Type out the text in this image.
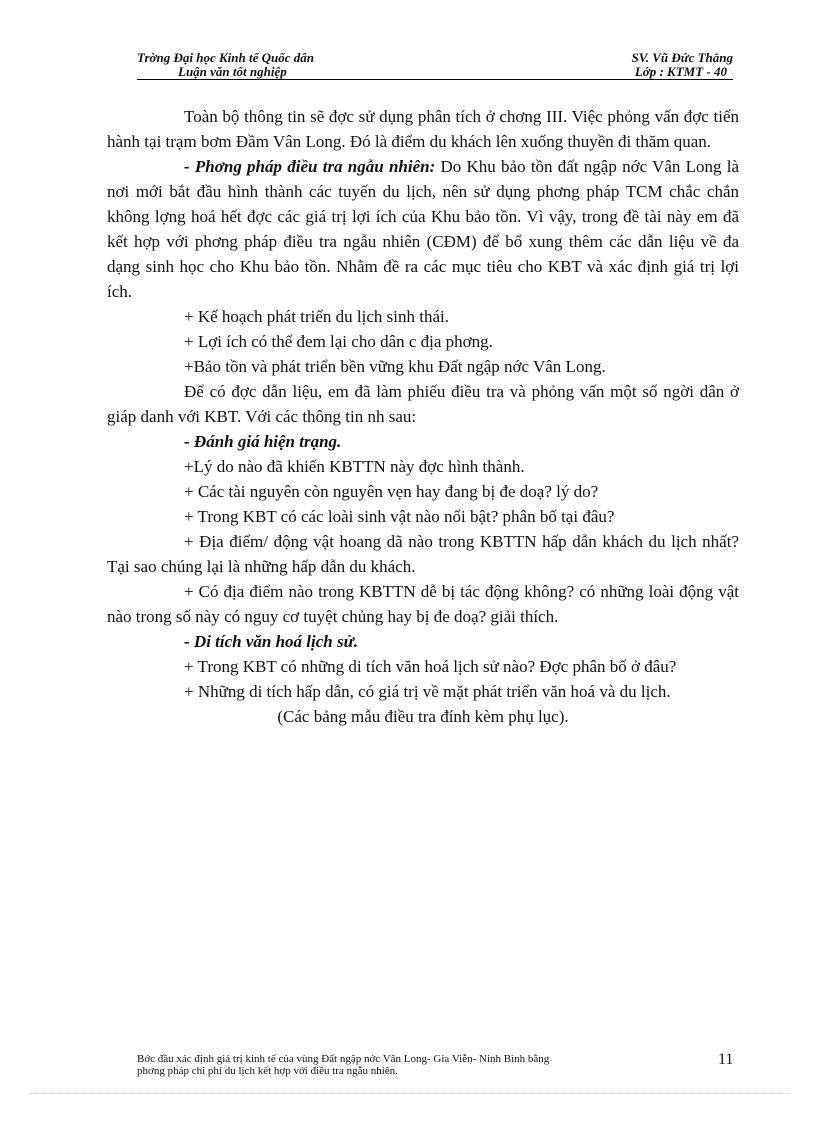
Trờng Đại học Kinh tế Quốc dân	SV. Vũ Đức Thắng
Luận văn tốt nghiệp	Lớp : KTMT - 40

Toàn bộ thông tin sẽ đợc sử dụng phân tích ở chơng III. Việc phỏng vấn đợc tiến hành tại trạm bơm Đầm Vân Long. Đó là điểm du khách lên xuống thuyền đi thăm quan.

- Phơng pháp điều tra ngẫu nhiên: Do Khu bảo tồn đất ngập nớc Vân Long là nơi mới bắt đầu hình thành các tuyến du lịch, nên sử dụng phơng pháp TCM chắc chắn không lợng hoá hết đợc các giá trị lợi ích của Khu bảo tồn. Vì vậy, trong đề tài này em đã kết hợp với phơng pháp điều tra ngẫu nhiên (CĐM) để bổ xung thêm các dẫn liệu về đa dạng sinh học cho Khu bảo tồn. Nhằm đề ra các mục tiêu cho KBT và xác định giá trị lợi ích.

+ Kế hoạch phát triển du lịch sinh thái.

+ Lợi ích có thể đem lại cho dân c địa phơng.

+Bảo tồn và phát triển bền vững khu Đất ngập nớc Vân Long.

Để có đợc dẫn liệu, em đã làm phiếu điều tra và phỏng vấn một số ngời dân ở giáp danh với KBT. Với các thông tin nh sau:

- Đánh giá hiện trạng.

+Lý do nào đã khiến KBTTN này đợc hình thành.

+ Các tài nguyên còn nguyên vẹn hay đang bị đe doạ? lý do?

+ Trong KBT có các loài sinh vật nào nổi bật? phân bố tại đâu?

+ Địa điểm/ động vật hoang dã nào trong KBTTN hấp dẫn khách du lịch nhất? Tại sao chúng lại là những hấp dẫn du khách.

+ Có địa điểm nào trong KBTTN dễ bị tác động không? có những loài động vật nào trong số này có nguy cơ tuyệt chủng hay bị đe doạ? giải thích.

- Di tích văn hoá lịch sử.

+ Trong KBT có những di tích văn hoá lịch sử nào? Đợc phân bố ở đâu?

+ Những di tích hấp dẫn, có giá trị về mặt phát triển văn hoá và du lịch.

(Các bảng mẫu điều tra đính kèm phụ lục).

Bớc đầu xác định giá trị kinh tế của vùng Đất ngập nớc Vân Long- Gia Viễn- Ninh Bình bằng

phơng pháp chi phí du lịch kết hợp với điều tra ngẫu nhiên.

11
